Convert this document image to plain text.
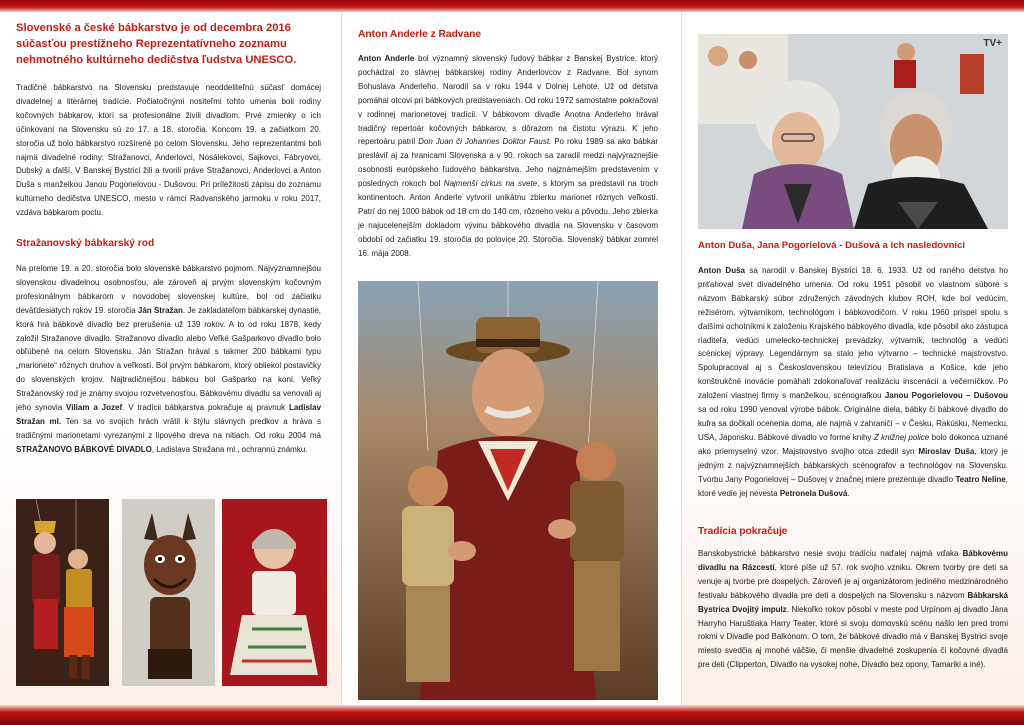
Slovenské a české bábkarstvo je od decembra 2016 súčasťou prestížneho Reprezentatívneho zoznamu nehmotného kultúrneho dedičstva ľudstva UNESCO.
Tradičné bábkarstvo na Slovensku predstavuje neoddeliteľnú súčasť domácej divadelnej a literárnej tradície. Počiatočnými nositeľmi tohto umenia boli rodiny kočovných bábkarov, ktorí sa profesionálne živili divadlom. Prvé zmienky o ich účinkovaní na Slovensku sú zo 17. a 18. storočia. Koncom 19. a začiatkom 20. storočia už bolo bábkarstvo rozšírené po celom Slovensku. Jeho reprezentantmi boli najmä divadelné rodiny: Stražanovci, Anderlovci, Nosálekovci, Sajkovci, Fábryovci, Dubský a ďalší. V Banskej Bystrici žili a tvorili práve Stražanovci, Anderlovci a Anton Duša s manželkou Janou Pogorielovou - Dušovou. Pri príležitosti zápisu do zoznamu kultúrneho dedičstva UNESCO, mesto v rámci Radvanského jarmoku v roku 2017, vzdáva bábkarom poctu.
Stražanovský bábkarský rod
Na prelome 19. a 20. storočia bolo slovenské bábkarstvo pojmom. Najvýznamnejšou slovenskou divadelnou osobnosťou, ale zároveň aj prvým slovenským kočovným profesionálnym bábkarom v novodobej slovenskej kultúre, bol od začiatku deväťdesiatych rokov 19. storočia Ján Stražan. Je zakladateľom bábkarskej dynastie, ktorá hrá bábkové divadlo bez prerušenia už 139 rokov. A to od roku 1878, kedy založil Stražanove divadlo. Stražanovo divadlo alebo Veľké Gašparkovo divadlo bolo obľúbené na celom Slovensku. Ján Stražan hrával s takmer 200 bábkami typu „marionete“ rôznych druhov a veľkostí. Bol prvým bábkarom, ktorý obliekol postavičky do slovenských krojov. Najtradičnejšou bábkou bol Gašparko na koni. Veľký Stražanovský rod je známy svojou rozvetvenosťou. Bábkovému divadlu sa venovali aj jeho synovia Viliam a Jozef. V tradícii bábkarstva pokračuje aj pravnuk Ladislav Stražan ml. Ten sa vo svojich hrách vrátil k štýlu slávnych predkov a hráva s tradičnými marionetami vyrezanými z lipového dreva na nitiach. Od roku 2004 má STRAŽANOVO BÁBKOVÉ DIVADLO, Ladislava Stražana ml., ochrannú známku.
Anton Anderle z Radvane
Anton Anderle bol významný slovenský ľudový bábkar z Banskej Bystrice, ktorý pochádzal zo slávnej bábkarskej rodiny Anderlovcov z Radvane. Bol synom Bohuslava Anderleho. Narodil sa v roku 1944 v Dolnej Lehote. Už od detstva pomáhal otcovi pri bábkových predstaveniach. Od roku 1972 samostatne pokračoval v rodinnej marionetovej tradícii. V bábkovom divadle Anotna Anderleho hrával tradičný repertoár kočovných bábkarov, s dôrazom na čistotu výrazu. K jeho repertoáru patril Don Juan či Johannes Doktor Faust. Po roku 1989 sa ako bábkar presláviľ aj za hranicami Slovenska a v 90. rokoch sa zaradil medzi najvýraznejšie osobnosti európskeho ľudového bábkarstva. Jeho najznámejším predstavením v posledných rokoch bol Najmenší cirkus na svete, s ktorým sa predstavil na troch kontinentoch. Anton Anderle vytvoril unikátnu zbierku marionet rôznych veľkostí. Patrí do nej 1000 bábok od 18 cm do 140 cm, rôzneho veku a pôvodu. Jeho zbierka je najucelenejším dokladom vývinu bábkového divadla na Slovensku v časovom období od začiatku 19. storočia do polovice 20. Storočia. Slovenský bábkar zomrel 16. mája 2008.
TV+
Anton Duša, Jana Pogorielová - Dušová a ich nasledovníci
Anton Duša sa narodil v Banskej Bystrici 18. 6. 1933. Už od raného detstva ho priťahoval svet divadelného umenia. Od roku 1951 pôsobil vo vlastnom súbore s názvom Bábkarský súbor združených závodných klubov ROH, kde bol vedúcim, režisérom, výtvarníkom, technológom i bábkovodičom. V roku 1960 prispel spolu s ďalšími ochotníkmi k založeniu Krajského bábkového divadla, kde pôsobil ako zástupca riaditeľa, vedúci umelecko-technickej prevádzky, výtvarník, technológ a vedúci scénickej výpravy. Legendárnym sa stalo jeho výtvarno – technické majstrovstvo. Spolupracoval aj s Československou televíziou Bratislava a Košice, kde jeho konštrukčné inovácie pomáhali zdokonaľovať realizáciu inscenácií a večerníčkov. Po založení vlastnej firmy s manželkou, scénografkou Janou Pogorielovou – Dušovou sa od roku 1990 venoval výrobe bábok. Originálne diela, bábky či bábkové divadlo do kufra sa dočkali ocenenia doma, ale najmä v zahraničí – v Česku, Rakúsku, Nemecku, USA, Japonsku. Bábkové divadlo vo forme knihy Z knižnej police bolo dokonca uznané ako priemyselný vzor. Majstrovstvo svojho otca zdedil syn Miroslav Duša, ktorý je jedným z najvýznamnejších bábkarských scénografov a technológov na Slovensku. Tvorbu Jany Pogorielovej – Dušovej v značnej miere prezentuje divadlo Teatro Neline, ktoré vedie jej nevesta Petronela Dušová.
Tradícia pokračuje
Banskobystrické bábkarstvo nesie svoju tradíciu naďalej najmä vďaka Bábkovému divadlu na Rázcestí, ktoré píše už 57. rok svojho vzniku. Okrem tvorby pre deti sa venuje aj tvorbe pre dospelých. Zároveň je aj organizátorom jediného medzinárodného festivalu bábkového divadla pre deti a dospelých na Slovensku s názvom Bábkarská Bystrica Dvojitý impulz. Niekoľko rokov pôsobí v meste pod Urpínom aj divadlo Jána Harryho Haruštiaka Harry Teater, ktoré si svoju domovskú scénu našlo len pred tromi rokmi v Divadle pod Balkónom. O tom, že bábkové divadlo má v Banskej Bystrici svoje miesto svedčia aj mnohé väčšie, či menšie divadelné zoskupenia či kočovné divadlá pre deti (Clipperton, Divadlo na vysokej nohe, Divadlo bez opony, Tamariki a iné).
